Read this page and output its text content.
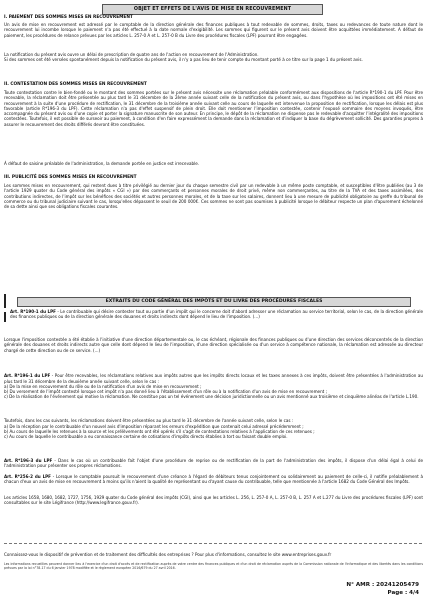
OBJET ET EFFETS DE L'AVIS DE MISE EN RECOUVREMENT
I. PAIEMENT DES SOMMES MISES EN RECOUVREMENT
Un avis de mise en recouvrement est adressé par le comptable de la direction générale des finances publiques à tout redevable de sommes, droits, taxes ou redevances de toute nature dont le recouvrement lui incombe lorsque le paiement n'a pas été effectué à la date normale d'exigibilité. Les sommes qui figurent sur le présent avis doivent être acquittées immédiatement. A défaut de paiement, les procédures de relance prévues par les articles L. 257-0 A et L. 257-0 B du Livre des procédures fiscales (LPF) pourront être engagées.
La notification du présent avis ouvre un délai de prescription de quatre ans de l'action en recouvrement de l'Administration.
Si des sommes ont été versées spontanément depuis la notification du présent avis, il n'y a pas lieu de tenir compte du montant porté à ce titre sur la page 1 du présent avis.
II. CONTESTATION DES SOMMES MISES EN RECOUVREMENT
Toute contestation contre le bien-fondé ou le montant des sommes portées sur le présent avis nécessite une réclamation préalable conformément aux dispositions de l'article R*190-1 du LPF. Pour être recevable, la réclamation doit être présentée au plus tard le 31 décembre de la 2ème année suivant celle de la notification du présent avis, ou dans l'hypothèse où les impositions ont été mises en recouvrement à la suite d'une procédure de rectification, le 31 décembre de la troisième année suivant celle au cours de laquelle est intervenue la proposition de rectification, lorsque les délais est plus favorable (article R*196-3 du LPF). Cette réclamation n'a pas d'effet suspensif de plein droit. Elle doit mentionner l'imposition contestée, contenir l'exposé sommaire des moyens invoqués, être accompagnée du présent avis ou d'une copie et porter la signature manuscrite de son auteur. En principe, le dépôt de la réclamation ne dispense pas le redevable d'acquitter l'intégralité des impositions contestées. Toutefois, il est possible de surseoir au paiement, à condition d'en faire expressément la demande dans la réclamation et d'indiquer la base du dégrèvement sollicité. Des garanties propres à assurer le recouvrement des droits différés devront être constituées.
À défaut de saisine préalable de l'administration, la demande portée en justice est irrecevable.
III. PUBLICITÉ DES SOMMES MISES EN RECOUVREMENT
Les sommes mises en recouvrement, qui restent dues à titre privilégié au dernier jour du chaque semestre civil par un redevable à un même poste comptable, et susceptibles d'être publiées (au 3 de l'article 1929 quater du Code général des impôts « CGI ») par des commerçants et personnes morales de droit privé, même non commerçantes, au titre de la TVA et des taxes assimilées, des contributions indirectes, de l'impôt sur les bénéfices des sociétés et autres personnes morales, et de la taxe sur les salaires, donnent lieu à une mesure de publicité obligatoire au greffe du tribunal de commerce ou du tribunal judiciaire suivant le cas, lorsqu'elles dépassent le seuil de 200 000€. Ces sommes ne sont pas soumises à publicité lorsque le débiteur respecte un plan d'apurement échelonné de sa dette ainsi que ses obligations fiscales courantes.
EXTRAITS DU CODE GÉNÉRAL DES IMPÔTS ET DU LIVRE DES PROCÉDURES FISCALES
Art. R*190-1 du LPF - Le contribuable qui désire contester tout ou partie d'un impôt qui le concerne doit d'abord adresser une réclamation au service territorial, selon le cas, de la direction générale des finances publiques ou de la direction générale des douanes et droits indirects dont dépend le lieu de l'imposition. (...)
Lorsque l'imposition contestée a été établie à l'initiative d'une direction départementale ou, le cas échéant, régionale des finances publiques ou d'une direction des services déconcentrés de la direction générale des douanes et droits indirects autre que celle dont dépend le lieu de l'imposition, d'une direction spécialisée ou d'un service à compétence nationale, la réclamation est adressée au directeur chargé de cette direction ou de ce service. (...)

Art. R*196-1 du LPF - Pour être recevables, les réclamations relatives aux impôts autres que les impôts directs locaux et les taxes annexes à ces impôts, doivent être présentées à l'administration au plus tard le 31 décembre de la deuxième année suivant celle, selon le cas :
a) De la mise en recouvrement du rôle ou de la notification d'un avis de mise en recouvrement ;
b) Du versement de l'impôt contesté lorsque cet impôt n'a pas donné lieu à l'établissement d'un rôle ou à la notification d'un avis de mise en recouvrement ;
c) De la réalisation de l'événement qui motive la réclamation. Ne constitue pas un tel événement une décision juridictionnelle ou un avis mentionné aux troisième et cinquième alinéas de l'article L.190.

Toutefois, dans les cas suivants, les réclamations doivent être présentées au plus tard le 31 décembre de l'année suivant celle, selon le cas :
a) De la réception par le contribuable d'un nouvel avis d'imposition réparant les erreurs d'expédition que contenait celui adressé précédemment ;
b) Au cours de laquelle les retenues à la source et les prélèvements ont été opérés s'il s'agit de contestations relatives à l'application de ces retenues ;
c) Au cours de laquelle le contribuable a eu connaissance certaine de cotisations d'impôts directs établies à tort ou faisant double emploi.

Art. R*196-3 du LPF - Dans le cas où un contribuable fait l'objet d'une procédure de reprise ou de rectification de la part de l'administration des impôts, il dispose d'un délai égal à celui de l'administration pour présenter ses propres réclamations.
Art. R*256-2 du LPF - Lorsque le comptable poursuit le recouvrement d'une créance à l'égard de débiteurs tenus conjointement ou solidairement au paiement de celle-ci, il notifie préalablement à chacun d'eux un avis de mise en recouvrement à moins qu'ils n'aient la qualité de représentant ou d'ayant cause du contribuable, telle que mentionnée à l'article 1682 du Code Général des Impôts.
Les articles 1658, 1680, 1682, 1727, 1756, 1929 quater du Code général des impôts (CGI), ainsi que les articles L. 256, L. 257-0 A, L. 257-0 B, L. 257 A et L.277 du Livre des procédures fiscales (LPF) sont consultables sur le site Légifrance (http://www.legifrance.gouv.fr).
Connaissez-vous le dispositif de prévention et de traitement des difficultés des entreprises ? Pour plus d'informations, consultez le site www.entreprises.gouv.fr
Les informations recueillies peuvent donner lieu à l'exercice d'un droit d'accès et de rectification auprès de votre centre des finances publiques et d'un droit de réclamation auprès de la Commission nationale de l'informatique et des libertés dans les conditions prévues par la loi n°78-17 du 6 janvier 1978 modifiée et le règlement européen 2016/679 du 27 avril 2016.
N° AMR : 20241205479
Page : 4/4
